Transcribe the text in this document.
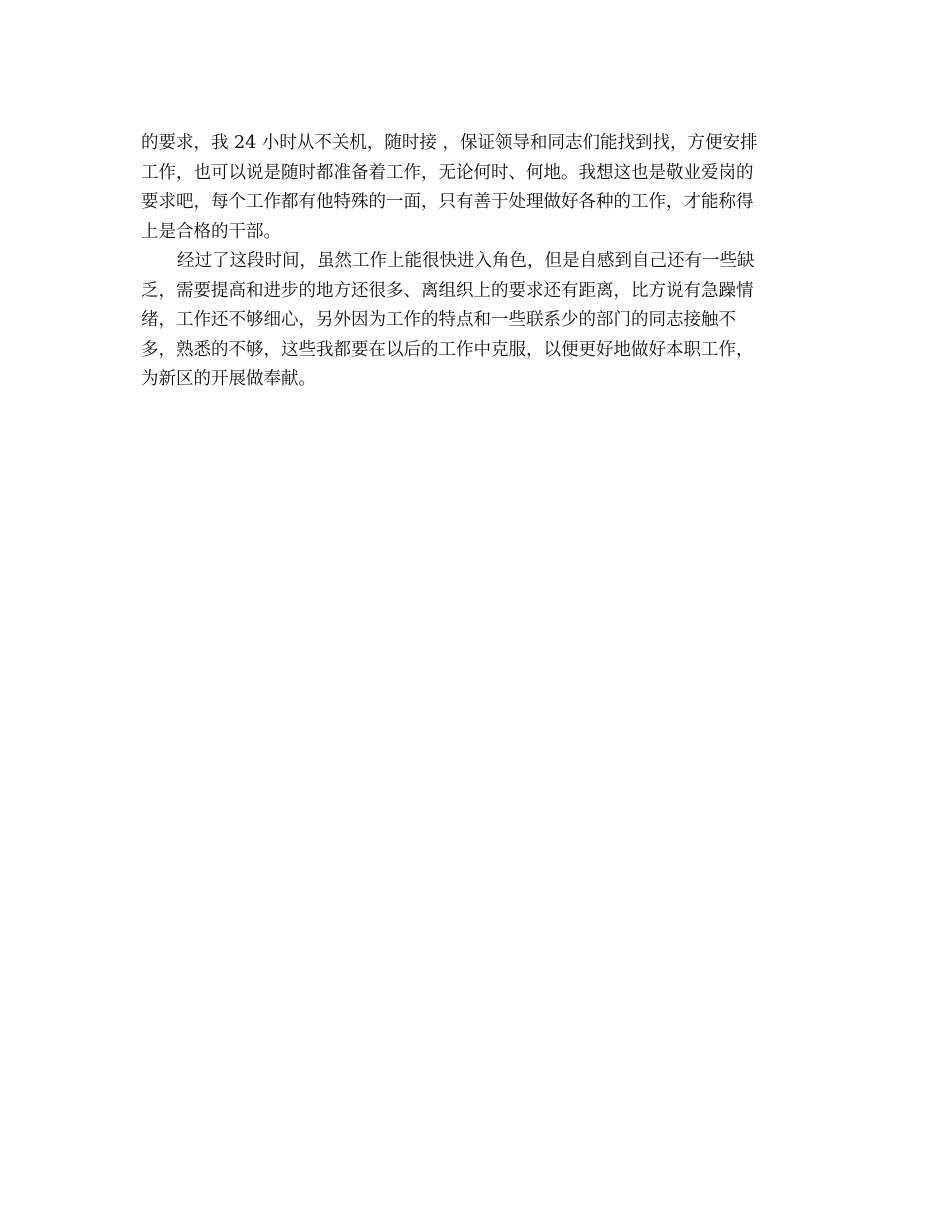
的要求，我 24 小时从不关机，随时接 ，保证领导和同志们能找到找，方便安排
工作，也可以说是随时都准备着工作，无论何时、何地。我想这也是敬业爱岗的
要求吧，每个工作都有他特殊的一面，只有善于处理做好各种的工作，才能称得
上是合格的干部。
经过了这段时间，虽然工作上能很快进入角色，但是自感到自己还有一些缺
乏，需要提高和进步的地方还很多、离组织上的要求还有距离，比方说有急躁情
绪，工作还不够细心，另外因为工作的特点和一些联系少的部门的同志接触不
多，熟悉的不够，这些我都要在以后的工作中克服，以便更好地做好本职工作，
为新区的开展做奉献。
